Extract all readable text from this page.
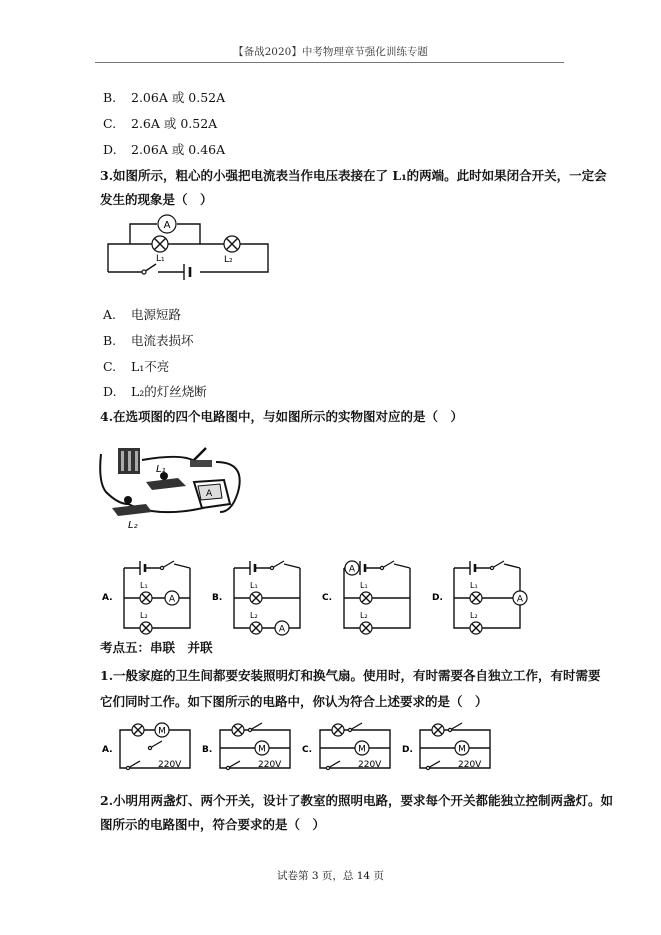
【备战2020】中考物理章节强化训练专题
B. 2.06A 或 0.52A
C. 2.6A 或 0.52A
D. 2.06A 或 0.46A
3.如图所示，粗心的小强把电流表当作电压表接在了 L₁的两端。此时如果闭合开关，一定会
发生的现象是（　）
A
L₁	L₂
A. 电源短路
B. 电流表损坏
C. L₁不亮
D. L₂的灯丝烧断
4.在选项图的四个电路图中，与如图所示的实物图对应的是（　）
L₁
L₂
A
A.
L₁
L₂
A	B.
L₁
L₂
A
C.
L₁
L₂
A
D.
L₁
L₂
A
考点五：串联　并联
1.一般家庭的卫生间都要安装照明灯和换气扇。使用时，有时需要各自独立工作，有时需要
它们同时工作。如下图所示的电路中，你认为符合上述要求的是（　）
A.
M
220V
B.	M
220V
C.	M
220V
D.	M
220V
2.小明用两盏灯、两个开关，设计了教室的照明电路，要求每个开关都能独立控制两盏灯。如
图所示的电路图中，符合要求的是（　）
试卷第 3 页，总 14 页
